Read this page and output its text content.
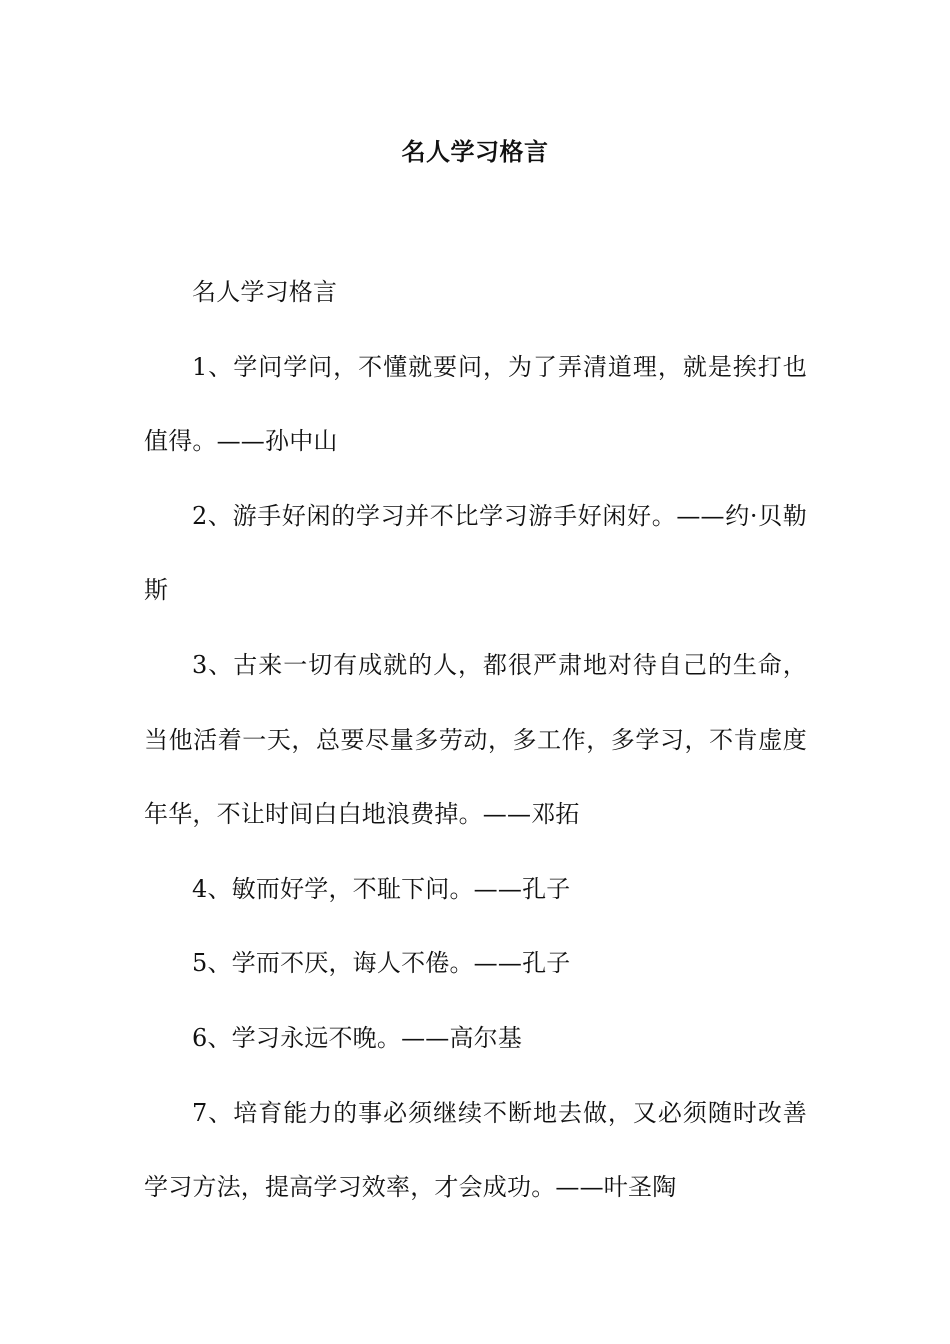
名人学习格言

名人学习格言

1、学问学问，不懂就要问，为了弄清道理，就是挨打也值得。——孙中山

2、游手好闲的学习并不比学习游手好闲好。——约·贝勒斯

3、古来一切有成就的人，都很严肃地对待自己的生命，当他活着一天，总要尽量多劳动，多工作，多学习，不肯虚度年华，不让时间白白地浪费掉。——邓拓

4、敏而好学，不耻下问。——孔子

5、学而不厌，诲人不倦。——孔子

6、学习永远不晚。——高尔基

7、培育能力的事必须继续不断地去做，又必须随时改善学习方法，提高学习效率，才会成功。——叶圣陶
